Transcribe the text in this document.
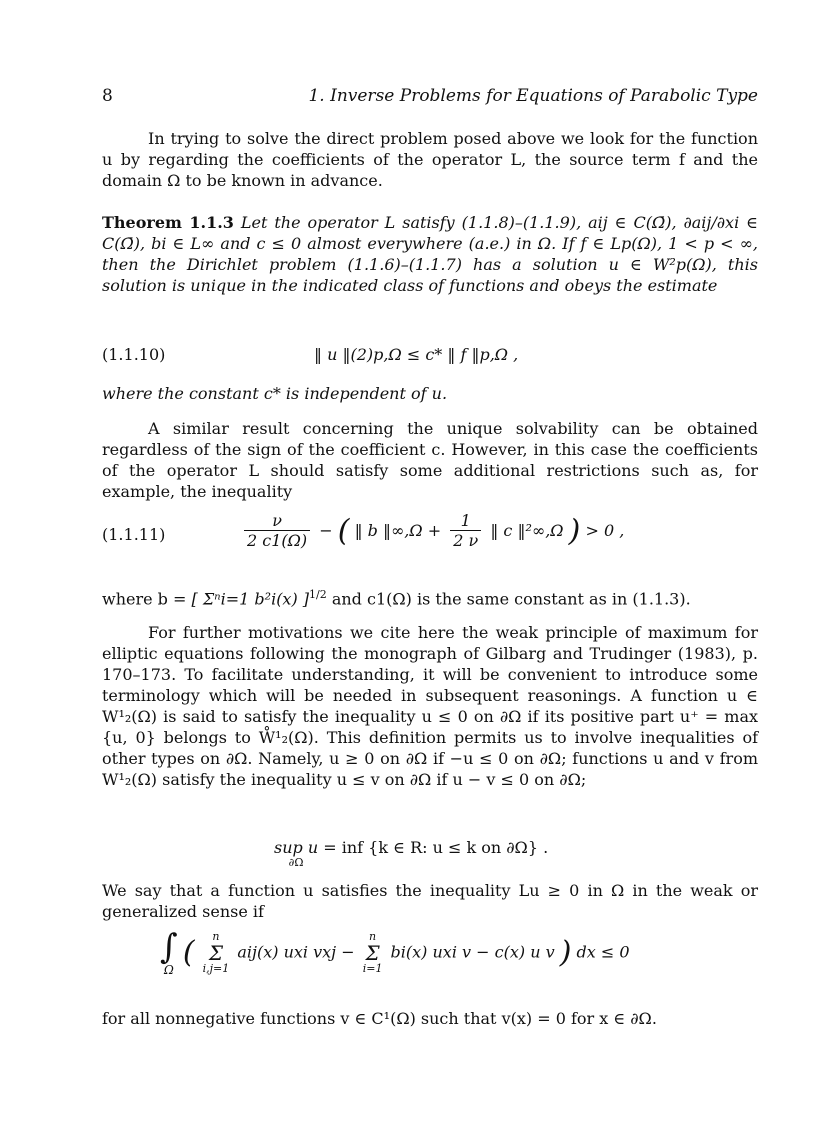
8	1. Inverse Problems for Equations of Parabolic Type
In trying to solve the direct problem posed above we look for the function u by regarding the coefficients of the operator L, the source term f and the domain Ω to be known in advance.
Theorem 1.1.3 Let the operator L satisfy (1.1.8)–(1.1.9), aij ∈ C(Ω̄), ∂aij/∂xi ∈ C(Ω̄), bi ∈ L∞ and c ≤ 0 almost everywhere (a.e.) in Ω. If f ∈ Lp(Ω), 1 < p < ∞, then the Dirichlet problem (1.1.6)–(1.1.7) has a solution u ∈ W²p(Ω), this solution is unique in the indicated class of functions and obeys the estimate
(1.1.10)	‖ u ‖(2)p,Ω ≤ c* ‖ f ‖p,Ω ,
where the constant c* is independent of u.
A similar result concerning the unique solvability can be obtained regardless of the sign of the coefficient c. However, in this case the coefficients of the operator L should satisfy some additional restrictions such as, for example, the inequality
(1.1.11)	$\frac{\nu}{2 c1(\Omega)}$ − ( ‖ b ‖∞,Ω + $\frac{1}{2 \nu}$ ‖ c ‖²∞,Ω ) > 0 ,
where b = [ Σⁿi=1 b²i(x) ]$^{1/2}$ and c1(Ω) is the same constant as in (1.1.3).
For further motivations we cite here the weak principle of maximum for elliptic equations following the monograph of Gilbarg and Trudinger (1983), p. 170–173. To facilitate understanding, it will be convenient to introduce some terminology which will be needed in subsequent reasonings. A function u ∈ W¹₂(Ω) is said to satisfy the inequality u ≤ 0 on ∂Ω if its positive part u⁺ = max {u, 0} belongs to W̊¹₂(Ω). This definition permits us to involve inequalities of other types on ∂Ω. Namely, u ≥ 0 on ∂Ω if −u ≤ 0 on ∂Ω; functions u and v from W¹₂(Ω) satisfy the inequality u ≤ v on ∂Ω if u − v ≤ 0 on ∂Ω;
sup u
∂Ω
= inf {k ∈ R: u ≤ k on ∂Ω} .
We say that a function u satisfies the inequality Lu ≥ 0 in Ω in the weak or generalized sense if
∫
Ω ( n
Σ
i,j=1 aij(x) uxi vxj − n
Σ
i=1 bi(x) uxi v − c(x) u v ) dx ≤ 0
for all nonnegative functions v ∈ C¹(Ω) such that v(x) = 0 for x ∈ ∂Ω.
